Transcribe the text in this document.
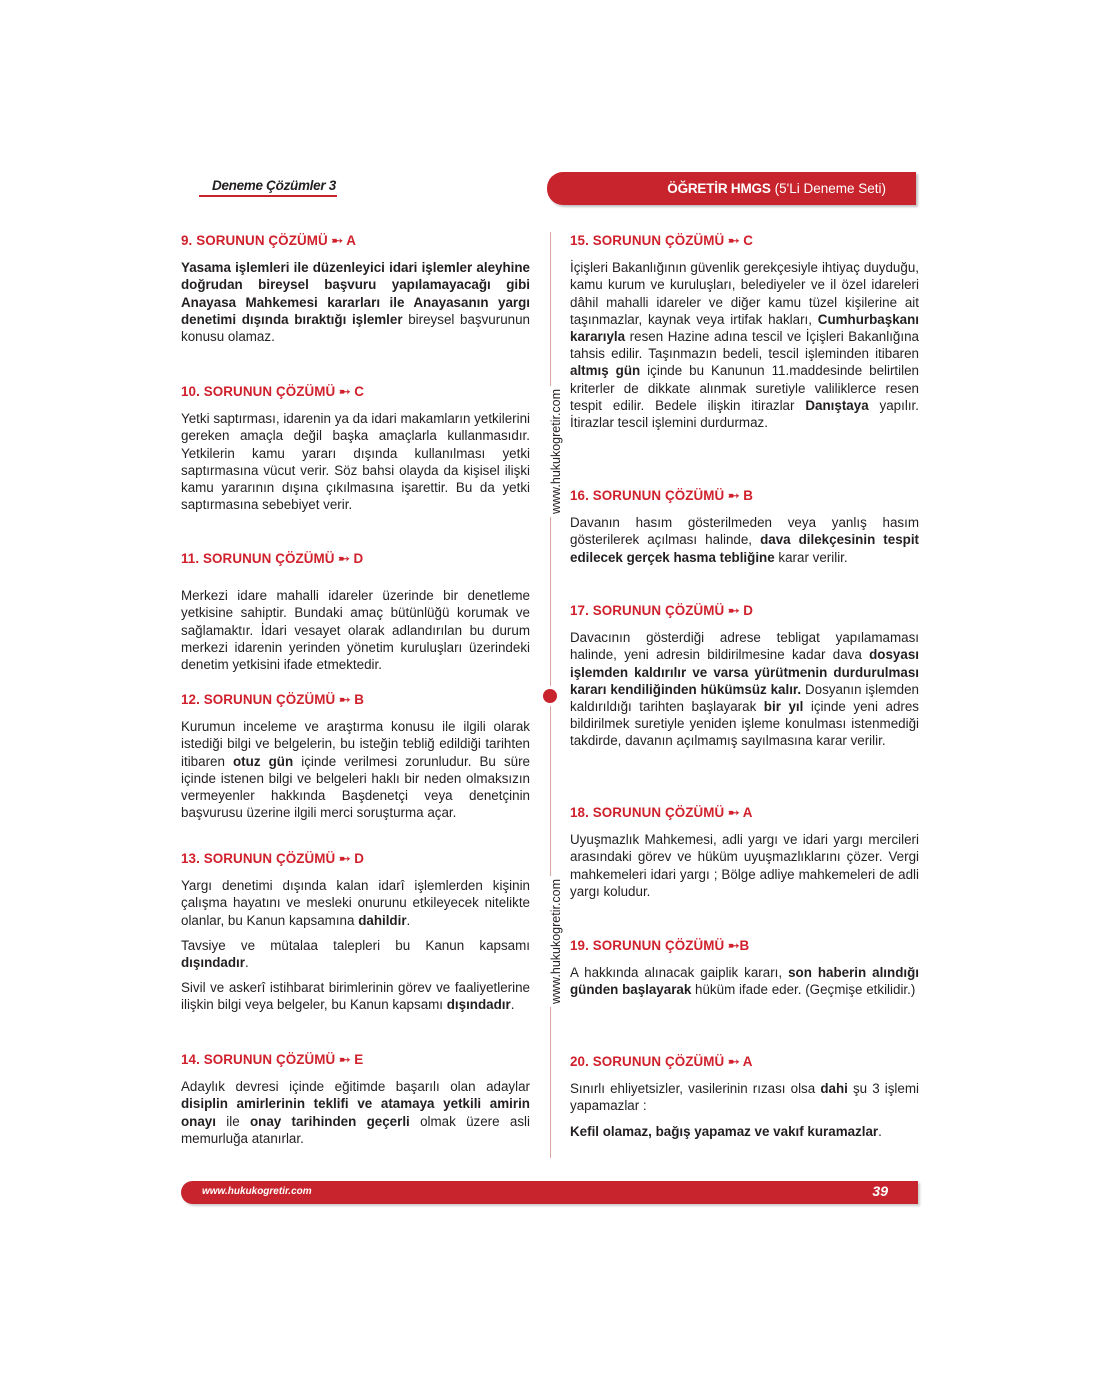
Deneme Çözümler 3	ÖĞRETİR HMGS (5'Li Deneme Seti)
9. SORUNUN ÇÖZÜMÜ ➸ A

Yasama işlemleri ile düzenleyici idari işlemler aleyhine doğrudan bireysel başvuru yapılamayacağı gibi Anayasa Mahkemesi kararları ile Anayasanın yargı denetimi dışında bıraktığı işlemler bireysel başvurunun konusu olamaz.

10. SORUNUN ÇÖZÜMÜ ➸ C

Yetki saptırması, idarenin ya da idari makamların yetkilerini gereken amaçla değil başka amaçlarla kullanmasıdır. Yetkilerin kamu yararı dışında kullanılması yetki saptırmasına vücut verir. Söz bahsi olayda da kişisel ilişki kamu yararının dışına çıkılmasına işarettir. Bu da yetki saptırmasına sebebiyet verir.

11. SORUNUN ÇÖZÜMÜ ➸ D

Merkezi idare mahalli idareler üzerinde bir denetleme yetkisine sahiptir. Bundaki amaç bütünlüğü korumak ve sağlamaktır. İdari vesayet olarak adlandırılan bu durum merkezi idarenin yerinden yönetim kuruluşları üzerindeki denetim yetkisini ifade etmektedir.

12. SORUNUN ÇÖZÜMÜ ➸ B

Kurumun inceleme ve araştırma konusu ile ilgili olarak istediği bilgi ve belgelerin, bu isteğin tebliğ edildiği tarihten itibaren otuz gün içinde verilmesi zorunludur. Bu süre içinde istenen bilgi ve belgeleri haklı bir neden olmaksızın vermeyenler hakkında Başdenetçi veya denetçinin başvurusu üzerine ilgili merci soruşturma açar.

13. SORUNUN ÇÖZÜMÜ ➸ D

Yargı denetimi dışında kalan idarî işlemlerden kişinin çalışma hayatını ve mesleki onurunu etkileyecek nitelikte olanlar, bu Kanun kapsamına dahildir.

Tavsiye ve mütalaa talepleri bu Kanun kapsamı dışındadır.

Sivil ve askerî istihbarat birimlerinin görev ve faaliyetlerine ilişkin bilgi veya belgeler, bu Kanun kapsamı dışındadır.

14. SORUNUN ÇÖZÜMÜ ➸ E

Adaylık devresi içinde eğitimde başarılı olan adaylar disiplin amirlerinin teklifi ve atamaya yetkili amirin onayı ile onay tarihinden geçerli olmak üzere asli memurluğa atanırlar.

15. SORUNUN ÇÖZÜMÜ ➸ C

İçişleri Bakanlığının güvenlik gerekçesiyle ihtiyaç duyduğu, kamu kurum ve kuruluşları, belediyeler ve il özel idareleri dâhil mahalli idareler ve diğer kamu tüzel kişilerine ait taşınmazlar, kaynak veya irtifak hakları, Cumhurbaşkanı kararıyla resen Hazine adına tescil ve İçişleri Bakanlığına tahsis edilir. Taşınmazın bedeli, tescil işleminden itibaren altmış gün içinde bu Kanunun 11.maddesinde belirtilen kriterler de dikkate alınmak suretiyle valiliklerce resen tespit edilir. Bedele ilişkin itirazlar Danıştaya yapılır. İtirazlar tescil işlemini durdurmaz.

16. SORUNUN ÇÖZÜMÜ ➸ B

Davanın hasım gösterilmeden veya yanlış hasım gösterilerek açılması halinde, dava dilekçesinin tespit edilecek gerçek hasma tebliğine karar verilir.

17. SORUNUN ÇÖZÜMÜ ➸ D

Davacının gösterdiği adrese tebligat yapılamaması halinde, yeni adresin bildirilmesine kadar dava dosyası işlemden kaldırılır ve varsa yürütmenin durdurulması kararı kendiliğinden hükümsüz kalır. Dosyanın işlemden kaldırıldığı tarihten başlayarak bir yıl içinde yeni adres bildirilmek suretiyle yeniden işleme konulması istenmediği takdirde, davanın açılmamış sayılmasına karar verilir.

18. SORUNUN ÇÖZÜMÜ ➸ A

Uyuşmazlık Mahkemesi, adli yargı ve idari yargı mercileri arasındaki görev ve hüküm uyuşmazlıklarını çözer. Vergi mahkemeleri idari yargı ; Bölge adliye mahkemeleri de adli yargı koludur.

19. SORUNUN ÇÖZÜMÜ ➸B

A hakkında alınacak gaiplik kararı, son haberin alındığı günden başlayarak hüküm ifade eder. (Geçmişe etkilidir.)

20. SORUNUN ÇÖZÜMÜ ➸ A

Sınırlı ehliyetsizler, vasilerinin rızası olsa dahi şu 3 işlemi yapamazlar :

Kefil olamaz, bağış yapamaz ve vakıf kuramazlar.

www.hukukogretir.com
www.hukukogretir.com
www.hukukogretir.com	39
